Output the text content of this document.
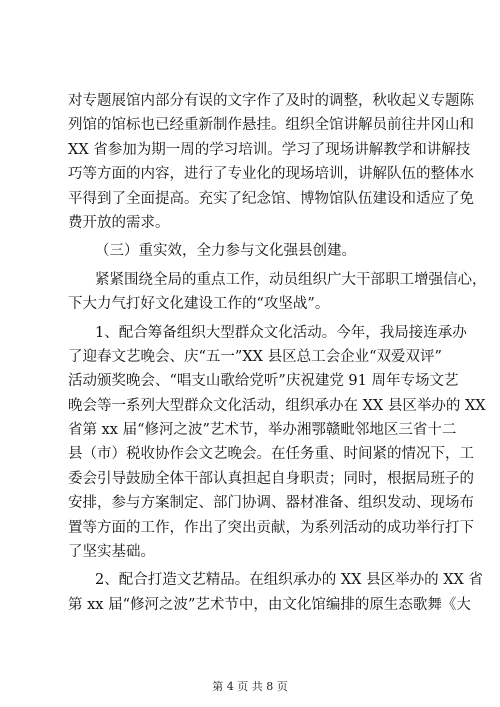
对专题展馆内部分有误的文字作了及时的调整，秋收起义专题陈
列馆的馆标也已经重新制作悬挂。组织全馆讲解员前往井冈山和
XX 省参加为期一周的学习培训。学习了现场讲解教学和讲解技
巧等方面的内容，进行了专业化的现场培训，讲解队伍的整体水
平得到了全面提高。充实了纪念馆、博物馆队伍建设和适应了免
费开放的需求。
（三）重实效，全力参与文化强县创建。
紧紧围绕全局的重点工作，动员组织广大干部职工增强信心，
下大力气打好文化建设工作的“攻坚战”。
1、配合筹备组织大型群众文化活动。今年，我局接连承办
了迎春文艺晚会、庆“五一”XX 县区总工会企业“双爱双评”
活动颁奖晚会、“唱支山歌给党听”庆祝建党 91 周年专场文艺
晚会等一系列大型群众文化活动，组织承办在 XX 县区举办的 XX
省第 xx 届“修河之波”艺术节，举办湘鄂赣毗邻地区三省十二
县（市）税收协作会文艺晚会。在任务重、时间紧的情况下，工
委会引导鼓励全体干部认真担起自身职责；同时，根据局班子的
安排，参与方案制定、部门协调、器材准备、组织发动、现场布
置等方面的工作，作出了突出贡献，为系列活动的成功举行打下
了坚实基础。
2、配合打造文艺精品。在组织承办的 XX 县区举办的 XX 省
第 xx 届“修河之波”艺术节中，由文化馆编排的原生态歌舞《大
第 4 页 共 8 页
